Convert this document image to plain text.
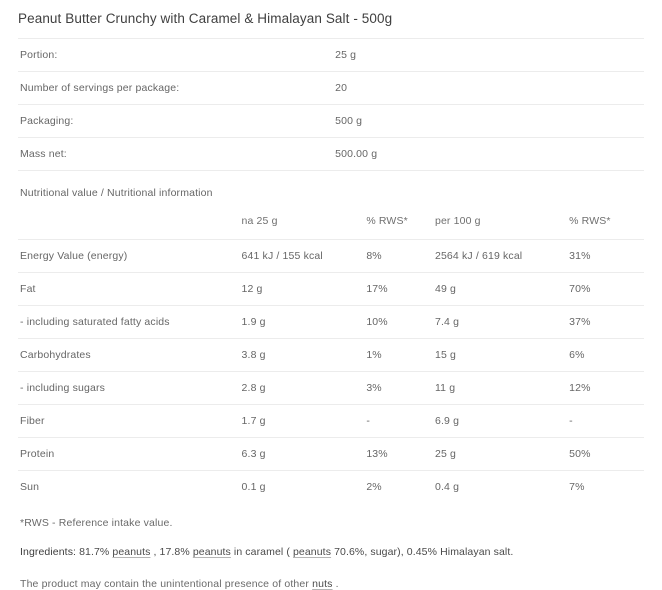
Peanut Butter Crunchy with Caramel & Himalayan Salt - 500g
Portion:	25 g
Number of servings per package:	20
Packaging:	500 g
Mass net:	500.00 g
Nutritional value / Nutritional information
	na 25 g	% RWS*	per 100 g	% RWS*
Energy Value (energy)	641 kJ / 155 kcal	8%	2564 kJ / 619 kcal	31%
Fat	12 g	17%	49 g	70%
- including saturated fatty acids	1.9 g	10%	7.4 g	37%
Carbohydrates	3.8 g	1%	15 g	6%
- including sugars	2.8 g	3%	11 g	12%
Fiber	1.7 g	-	6.9 g	-
Protein	6.3 g	13%	25 g	50%
Sun	0.1 g	2%	0.4 g	7%
*RWS - Reference intake value.
Ingredients: 81.7% peanuts , 17.8% peanuts in caramel ( peanuts 70.6%, sugar), 0.45% Himalayan salt.
The product may contain the unintentional presence of other nuts .
